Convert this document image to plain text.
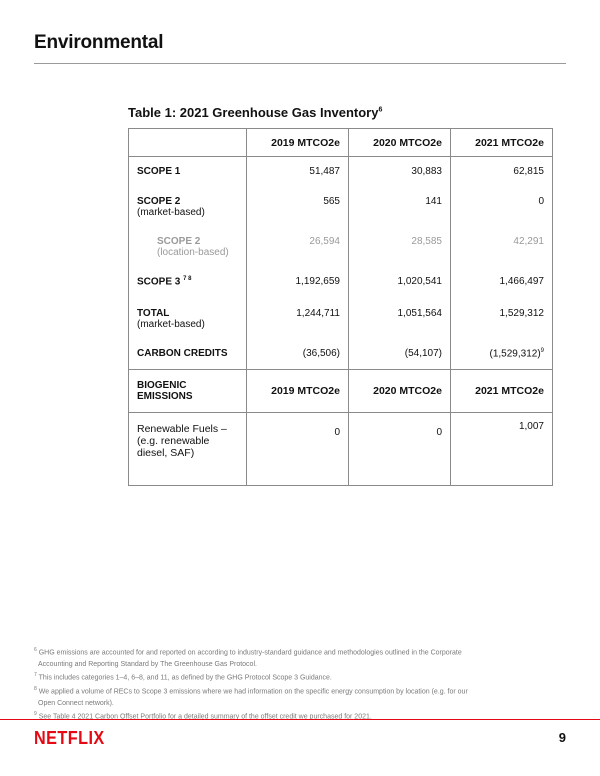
Environmental

Table 1: 2021 Greenhouse Gas Inventory$^6$

	2019 MTCO2e	2020 MTCO2e	2021 MTCO2e

SCOPE 1	51,487	30,883	62,815

SCOPE 2
(market-based)	565	141	0

SCOPE 2
(location-based)	26,594	28,585	42,291

SCOPE 3 $^{7 8}$	1,192,659	1,020,541	1,466,497

TOTAL
(market-based)	1,244,711	1,051,564	1,529,312

CARBON CREDITS	(36,506)	(54,107)	(1,529,312)$^9$
BIOGENIC EMISSIONS	2019 MTCO2e	2020 MTCO2e	2021 MTCO2e
Renewable Fuels – (e.g. renewable diesel, SAF)	0	0	1,007

$^6$ GHG emissions are accounted for and reported on according to industry-standard guidance and methodologies outlined in the Corporate
Accounting and Reporting Standard by The Greenhouse Gas Protocol.

$^7$ This includes categories 1–4, 6–8, and 11, as defined by the GHG Protocol Scope 3 Guidance.

$^8$ We applied a volume of RECs to Scope 3 emissions where we had information on the specific energy consumption by location (e.g. for our
Open Connect network).

$^9$ See Table 4 2021 Carbon Offset Portfolio for a detailed summary of the offset credit we purchased for 2021.

NETFLIX	9
